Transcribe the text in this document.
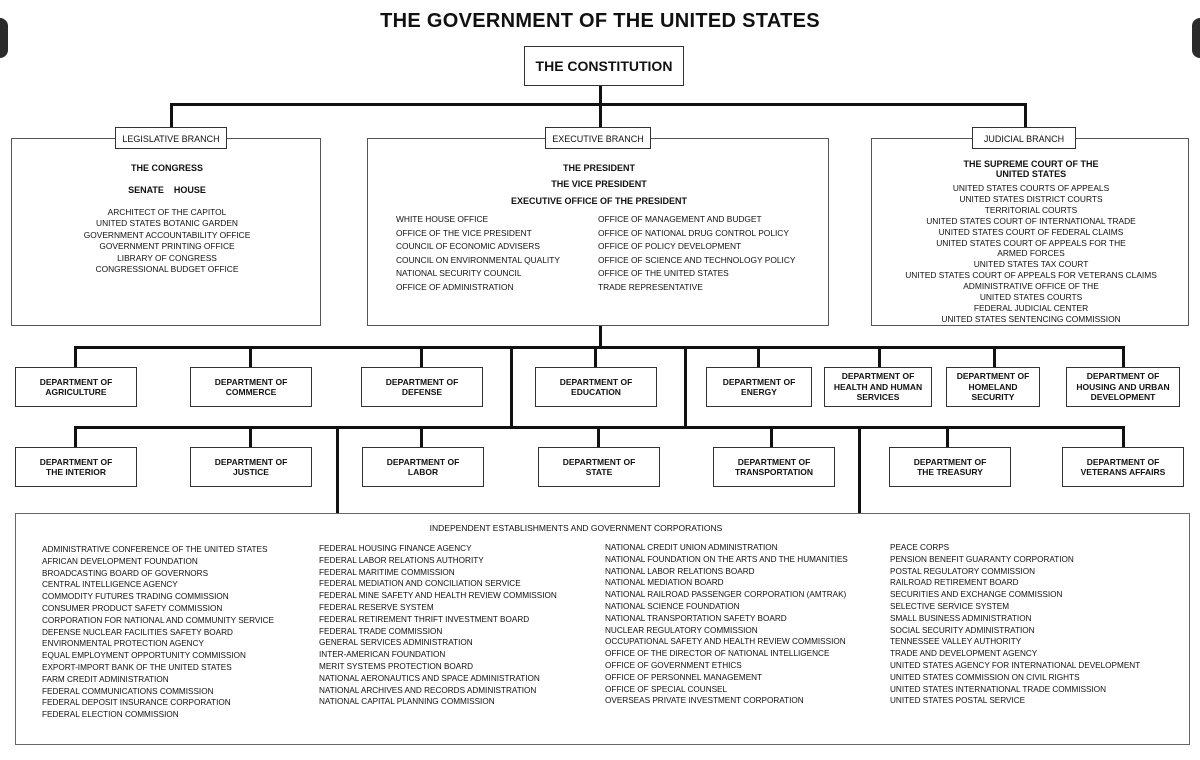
THE GOVERNMENT OF THE UNITED STATES
THE CONSTITUTION
THE CONGRESS
SENATE    HOUSE
ARCHITECT OF THE CAPITOL
UNITED STATES BOTANIC GARDEN
GOVERNMENT ACCOUNTABILITY OFFICE
GOVERNMENT PRINTING OFFICE
LIBRARY OF CONGRESS
CONGRESSIONAL BUDGET OFFICE
LEGISLATIVE BRANCH
THE PRESIDENT
THE VICE PRESIDENT
EXECUTIVE OFFICE OF THE PRESIDENT
WHITE HOUSE OFFICE
OFFICE OF THE VICE PRESIDENT
COUNCIL OF ECONOMIC ADVISERS
COUNCIL ON ENVIRONMENTAL QUALITY
NATIONAL SECURITY COUNCIL
OFFICE OF ADMINISTRATION
OFFICE OF MANAGEMENT AND BUDGET
OFFICE OF NATIONAL DRUG CONTROL POLICY
OFFICE OF POLICY DEVELOPMENT
OFFICE OF SCIENCE AND TECHNOLOGY POLICY
OFFICE OF THE UNITED STATES
TRADE REPRESENTATIVE
EXECUTIVE BRANCH
THE SUPREME COURT OF THE
UNITED STATES
UNITED STATES COURTS OF APPEALS
UNITED STATES DISTRICT COURTS
TERRITORIAL COURTS
UNITED STATES COURT OF INTERNATIONAL TRADE
UNITED STATES COURT OF FEDERAL CLAIMS
UNITED STATES COURT OF APPEALS FOR THE
ARMED FORCES
UNITED STATES TAX COURT
UNITED STATES COURT OF APPEALS FOR VETERANS CLAIMS
ADMINISTRATIVE OFFICE OF THE
UNITED STATES COURTS
FEDERAL JUDICIAL CENTER
UNITED STATES SENTENCING COMMISSION
JUDICIAL BRANCH
DEPARTMENT OF
AGRICULTURE
DEPARTMENT OF
COMMERCE
DEPARTMENT OF
DEFENSE
DEPARTMENT OF
EDUCATION
DEPARTMENT OF
ENERGY
DEPARTMENT OF
HEALTH AND HUMAN
SERVICES
DEPARTMENT OF
HOMELAND
SECURITY
DEPARTMENT OF
HOUSING AND URBAN
DEVELOPMENT
DEPARTMENT OF
THE INTERIOR
DEPARTMENT OF
JUSTICE
DEPARTMENT OF
LABOR
DEPARTMENT OF
STATE
DEPARTMENT OF
TRANSPORTATION
DEPARTMENT OF
THE TREASURY
DEPARTMENT OF
VETERANS AFFAIRS
INDEPENDENT ESTABLISHMENTS AND GOVERNMENT CORPORATIONS
ADMINISTRATIVE CONFERENCE OF THE UNITED STATES
AFRICAN DEVELOPMENT FOUNDATION
BROADCASTING BOARD OF GOVERNORS
CENTRAL INTELLIGENCE AGENCY
COMMODITY FUTURES TRADING COMMISSION
CONSUMER PRODUCT SAFETY COMMISSION
CORPORATION FOR NATIONAL AND COMMUNITY SERVICE
DEFENSE NUCLEAR FACILITIES SAFETY BOARD
ENVIRONMENTAL PROTECTION AGENCY
EQUAL EMPLOYMENT OPPORTUNITY COMMISSION
EXPORT-IMPORT BANK OF THE UNITED STATES
FARM CREDIT ADMINISTRATION
FEDERAL COMMUNICATIONS COMMISSION
FEDERAL DEPOSIT INSURANCE CORPORATION
FEDERAL ELECTION COMMISSION
FEDERAL HOUSING FINANCE AGENCY
FEDERAL LABOR RELATIONS AUTHORITY
FEDERAL MARITIME COMMISSION
FEDERAL MEDIATION AND CONCILIATION SERVICE
FEDERAL MINE SAFETY AND HEALTH REVIEW COMMISSION
FEDERAL RESERVE SYSTEM
FEDERAL RETIREMENT THRIFT INVESTMENT BOARD
FEDERAL TRADE COMMISSION
GENERAL SERVICES ADMINISTRATION
INTER-AMERICAN FOUNDATION
MERIT SYSTEMS PROTECTION BOARD
NATIONAL AERONAUTICS AND SPACE ADMINISTRATION
NATIONAL ARCHIVES AND RECORDS ADMINISTRATION
NATIONAL CAPITAL PLANNING COMMISSION
NATIONAL CREDIT UNION ADMINISTRATION
NATIONAL FOUNDATION ON THE ARTS AND THE HUMANITIES
NATIONAL LABOR RELATIONS BOARD
NATIONAL MEDIATION BOARD
NATIONAL RAILROAD PASSENGER CORPORATION (AMTRAK)
NATIONAL SCIENCE FOUNDATION
NATIONAL TRANSPORTATION SAFETY BOARD
NUCLEAR REGULATORY COMMISSION
OCCUPATIONAL SAFETY AND HEALTH REVIEW COMMISSION
OFFICE OF THE DIRECTOR OF NATIONAL INTELLIGENCE
OFFICE OF GOVERNMENT ETHICS
OFFICE OF PERSONNEL MANAGEMENT
OFFICE OF SPECIAL COUNSEL
OVERSEAS PRIVATE INVESTMENT CORPORATION
PEACE CORPS
PENSION BENEFIT GUARANTY CORPORATION
POSTAL REGULATORY COMMISSION
RAILROAD RETIREMENT BOARD
SECURITIES AND EXCHANGE COMMISSION
SELECTIVE SERVICE SYSTEM
SMALL BUSINESS ADMINISTRATION
SOCIAL SECURITY ADMINISTRATION
TENNESSEE VALLEY AUTHORITY
TRADE AND DEVELOPMENT AGENCY
UNITED STATES AGENCY FOR INTERNATIONAL DEVELOPMENT
UNITED STATES COMMISSION ON CIVIL RIGHTS
UNITED STATES INTERNATIONAL TRADE COMMISSION
UNITED STATES POSTAL SERVICE
